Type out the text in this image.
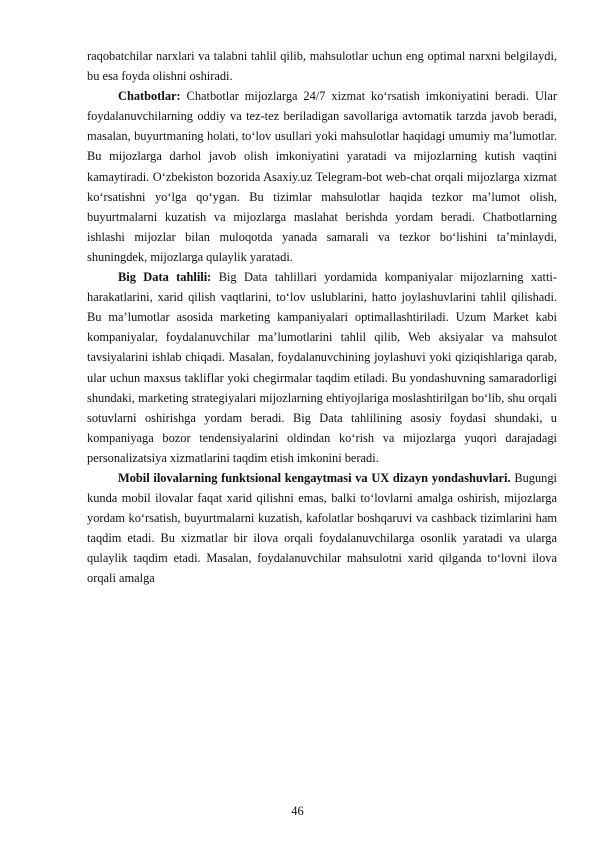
raqobatchilar narxlari va talabni tahlil qilib, mahsulotlar uchun eng optimal narxni belgilaydi, bu esa foyda olishni oshiradi.

Chatbotlar: Chatbotlar mijozlarga 24/7 xizmat ko‘rsatish imkoniyatini beradi. Ular foydalanuvchilarning oddiy va tez-tez beriladigan savollariga avtomatik tarzda javob beradi, masalan, buyurtmaning holati, to‘lov usullari yoki mahsulotlar haqidagi umumiy ma’lumotlar. Bu mijozlarga darhol javob olish imkoniyatini yaratadi va mijozlarning kutish vaqtini kamaytiradi. O‘zbekiston bozorida Asaxiy.uz Telegram-bot web-chat orqali mijozlarga xizmat ko‘rsatishni yo‘lga qo‘ygan. Bu tizimlar mahsulotlar haqida tezkor ma’lumot olish, buyurtmalarni kuzatish va mijozlarga maslahat berishda yordam beradi. Chatbotlarning ishlashi mijozlar bilan muloqotda yanada samarali va tezkor bo‘lishini ta’minlaydi, shuningdek, mijozlarga qulaylik yaratadi.

Big Data tahlili: Big Data tahlillari yordamida kompaniyalar mijozlarning xatti-harakatlarini, xarid qilish vaqtlarini, to‘lov uslublarini, hatto joylashuvlarini tahlil qilishadi. Bu ma’lumotlar asosida marketing kampaniyalari optimallashtiriladi. Uzum Market kabi kompaniyalar, foydalanuvchilar ma’lumotlarini tahlil qilib, Web aksiyalar va mahsulot tavsiyalarini ishlab chiqadi. Masalan, foydalanuvchining joylashuvi yoki qiziqishlariga qarab, ular uchun maxsus takliflar yoki chegirmalar taqdim etiladi. Bu yondashuvning samaradorligi shundaki, marketing strategiyalari mijozlarning ehtiyojlariga moslashtirilgan bo‘lib, shu orqali sotuvlarni oshirishga yordam beradi. Big Data tahlilining asosiy foydasi shundaki, u kompaniyaga bozor tendensiyalarini oldindan ko‘rish va mijozlarga yuqori darajadagi personalizatsiya xizmatlarini taqdim etish imkonini beradi.

Mobil ilovalarning funktsional kengaytmasi va UX dizayn yondashuvlari. Bugungi kunda mobil ilovalar faqat xarid qilishni emas, balki to‘lovlarni amalga oshirish, mijozlarga yordam ko‘rsatish, buyurtmalarni kuzatish, kafolatlar boshqaruvi va cashback tizimlarini ham taqdim etadi. Bu xizmatlar bir ilova orqali foydalanuvchilarga osonlik yaratadi va ularga qulaylik taqdim etadi. Masalan, foydalanuvchilar mahsulotni xarid qilganda to‘lovni ilova orqali amalga

46
